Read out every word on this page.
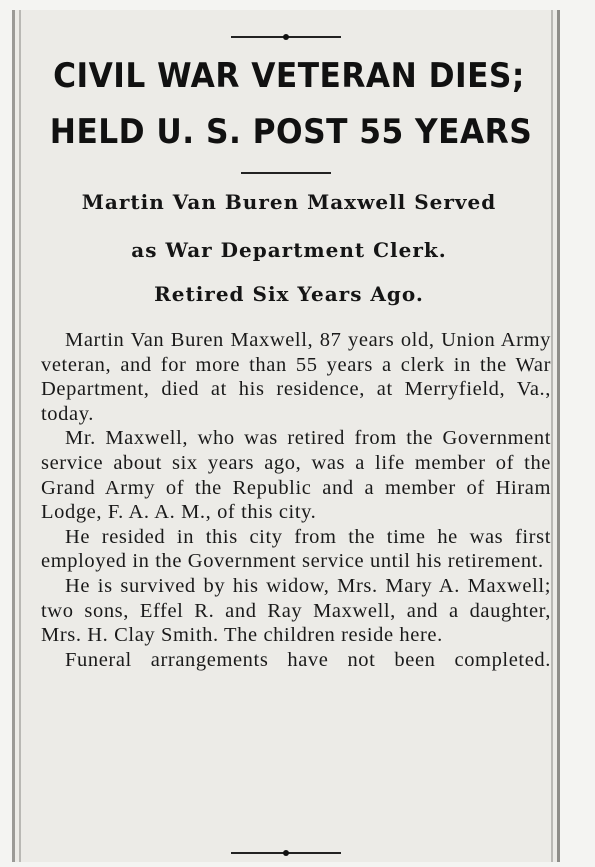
CIVIL WAR VETERAN DIES;
HELD U. S. POST 55 YEARS
Martin Van Buren Maxwell Served
as War Department Clerk.
Retired Six Years Ago.

Martin Van Buren Maxwell, 87 years old, Union Army veteran, and for more than 55 years a clerk in the War Department, died at his residence, at Merryfield, Va., today.

Mr. Maxwell, who was retired from the Government service about six years ago, was a life member of the Grand Army of the Republic and a member of Hiram Lodge, F. A. A. M., of this city.

He resided in this city from the time he was first employed in the Government service until his retirement.

He is survived by his widow, Mrs. Mary A. Maxwell; two sons, Effel R. and Ray Maxwell, and a daughter, Mrs. H. Clay Smith. The children reside here.

Funeral arrangements have not been completed.
